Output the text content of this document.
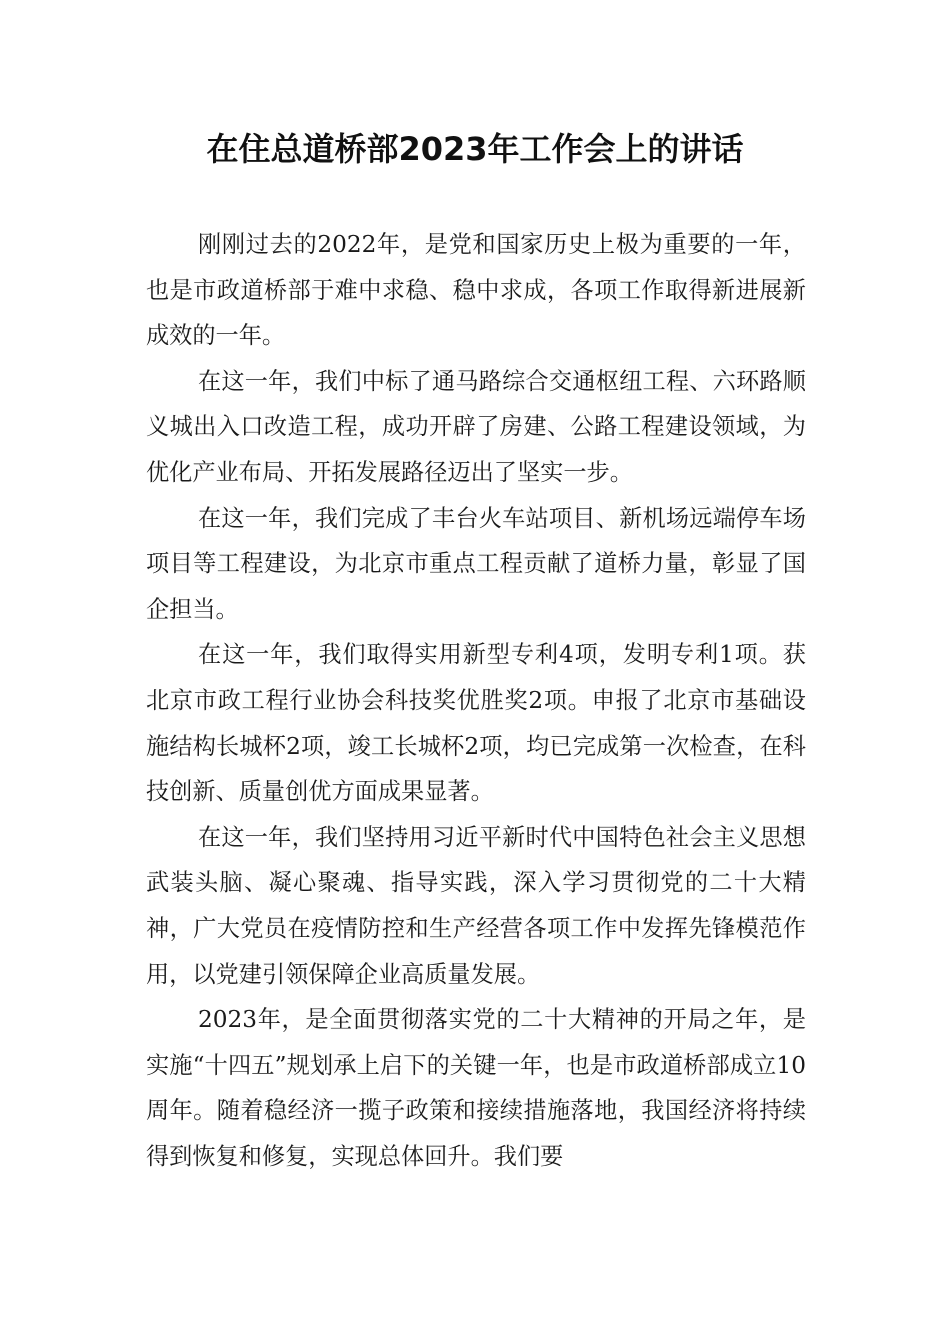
在住总道桥部2023年工作会上的讲话

刚刚过去的2022年，是党和国家历史上极为重要的一年，也是市政道桥部于难中求稳、稳中求成，各项工作取得新进展新成效的一年。

在这一年，我们中标了通马路综合交通枢纽工程、六环路顺义城出入口改造工程，成功开辟了房建、公路工程建设领域，为优化产业布局、开拓发展路径迈出了坚实一步。

在这一年，我们完成了丰台火车站项目、新机场远端停车场项目等工程建设，为北京市重点工程贡献了道桥力量，彰显了国企担当。

在这一年，我们取得实用新型专利4项，发明专利1项。获北京市政工程行业协会科技奖优胜奖2项。申报了北京市基础设施结构长城杯2项，竣工长城杯2项，均已完成第一次检查，在科技创新、质量创优方面成果显著。

在这一年，我们坚持用习近平新时代中国特色社会主义思想武装头脑、凝心聚魂、指导实践，深入学习贯彻党的二十大精神，广大党员在疫情防控和生产经营各项工作中发挥先锋模范作用，以党建引领保障企业高质量发展。

2023年，是全面贯彻落实党的二十大精神的开局之年，是实施“十四五”规划承上启下的关键一年，也是市政道桥部成立10周年。随着稳经济一揽子政策和接续措施落地，我国经济将持续得到恢复和修复，实现总体回升。我们要
